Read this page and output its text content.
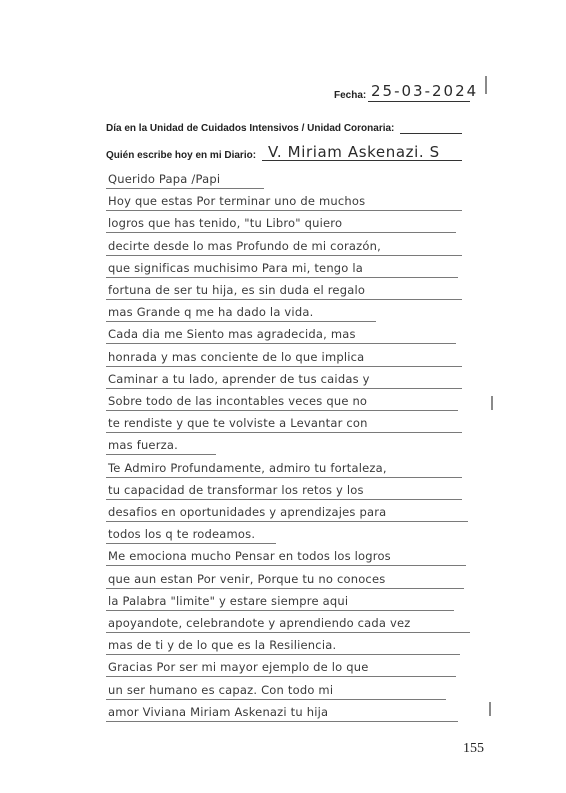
Fecha: 25-03-2024
Día en la Unidad de Cuidados Intensivos / Unidad Coronaria:
Quién escribe hoy en mi Diario: V. Miriam Askenazi. S
Querido Papa /Papi
Hoy que estas Por terminar uno de muchos
logros que has tenido, "tu Libro" quiero
decirte desde lo mas Profundo de mi corazón,
que significas muchisimo Para mi, tengo la
fortuna de ser tu hija, es sin duda el regalo
mas Grande q me ha dado la vida.
Cada dia me Siento mas agradecida, mas
honrada y mas conciente de lo que implica
Caminar a tu lado, aprender de tus caidas y
Sobre todo de las incontables veces que no
te rendiste y que te volviste a Levantar con
mas fuerza.
Te Admiro Profundamente, admiro tu fortaleza,
tu capacidad de transformar los retos y los
desafios en oportunidades y aprendizajes para
todos los q te rodeamos.
Me emociona mucho Pensar en todos los logros
que aun estan Por venir, Porque tu no conoces
la Palabra "limite" y estare siempre aqui
apoyandote, celebrandote y aprendiendo cada vez
mas de ti y de lo que es la Resiliencia.
Gracias Por ser mi mayor ejemplo de lo que
un ser humano es capaz. Con todo mi
amor Viviana Miriam Askenazi tu hija
155
